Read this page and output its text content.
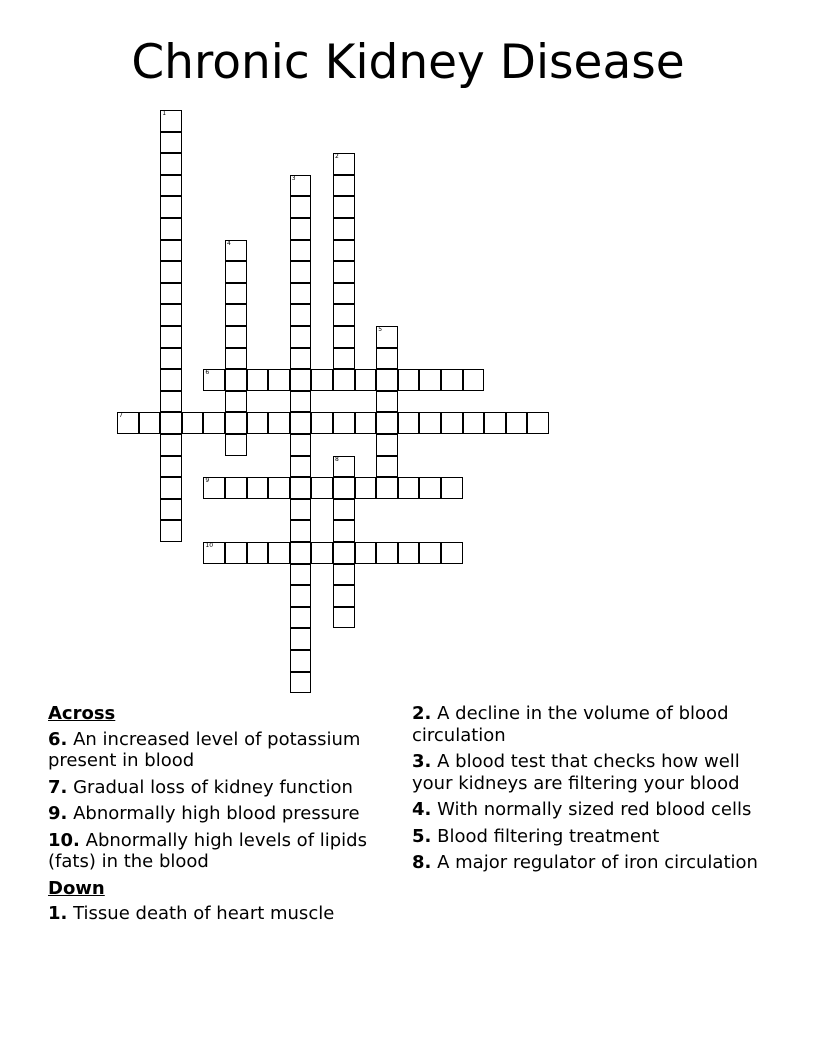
Chronic Kidney Disease
1
2
3
4
5
6
7
8
9
10
Across
6. An increased level of potassium present in blood
7. Gradual loss of kidney function
9. Abnormally high blood pressure
10. Abnormally high levels of lipids (fats) in the blood
Down
1. Tissue death of heart muscle
2. A decline in the volume of blood circulation
3. A blood test that checks how well your kidneys are filtering your blood
4. With normally sized red blood cells
5. Blood filtering treatment
8. A major regulator of iron circulation
